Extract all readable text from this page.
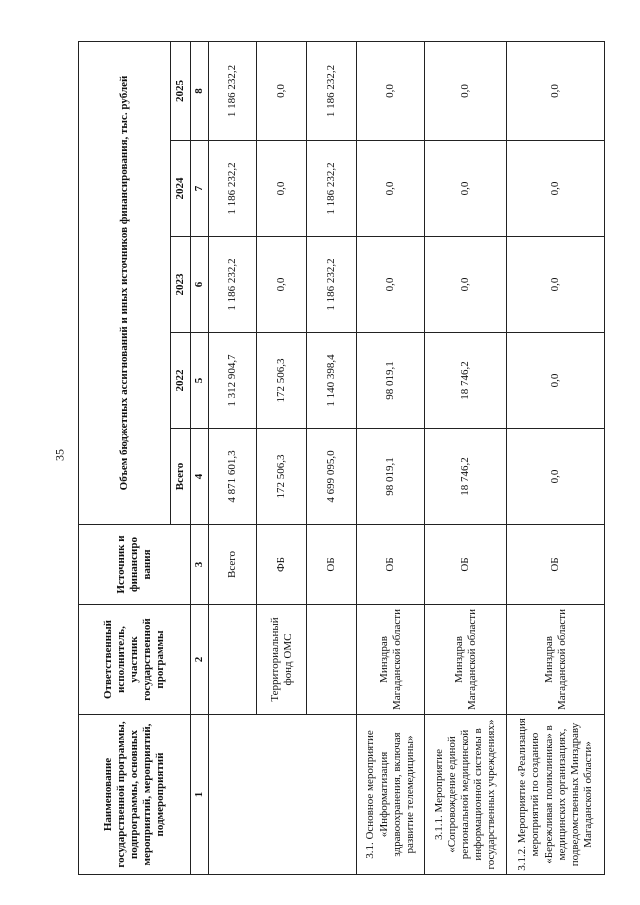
35
Наименование государственной программы, подпрограммы, основных мероприятий, мероприятий, подмероприятий	Ответственный исполнитель, участник государственной программы	Источник и финансиро вания	Объем бюджетных ассигнований и иных источников финансирования, тыс. рублей				
			Всего	2022	2023	2024	2025
1	2	3	4	5	6	7	8
		Всего	4 871 601,3	1 312 904,7	1 186 232,2	1 186 232,2	1 186 232,2
	Территориальный фонд ОМС	ФБ	172 506,3	172 506,3	0,0	0,0	0,0
		ОБ	4 699 095,0	1 140 398,4	1 186 232,2	1 186 232,2	1 186 232,2
3.1. Основное мероприятие «Информатизация здравоохранения, включая развитие телемедицины»	Минздрав Магаданской области	ОБ	98 019,1	98 019,1	0,0	0,0	0,0
3.1.1. Мероприятие «Сопровождение единой региональной медицинской информационной системы в государственных учреждениях»	Минздрав Магаданской области	ОБ	18 746,2	18 746,2	0,0	0,0	0,0
3.1.2. Мероприятие «Реализация мероприятий по созданию «Бережливая поликлиника» в медицинских организациях, подведомственных Минздраву Магаданской области»	Минздрав Магаданской области	ОБ	0,0	0,0	0,0	0,0	0,0
